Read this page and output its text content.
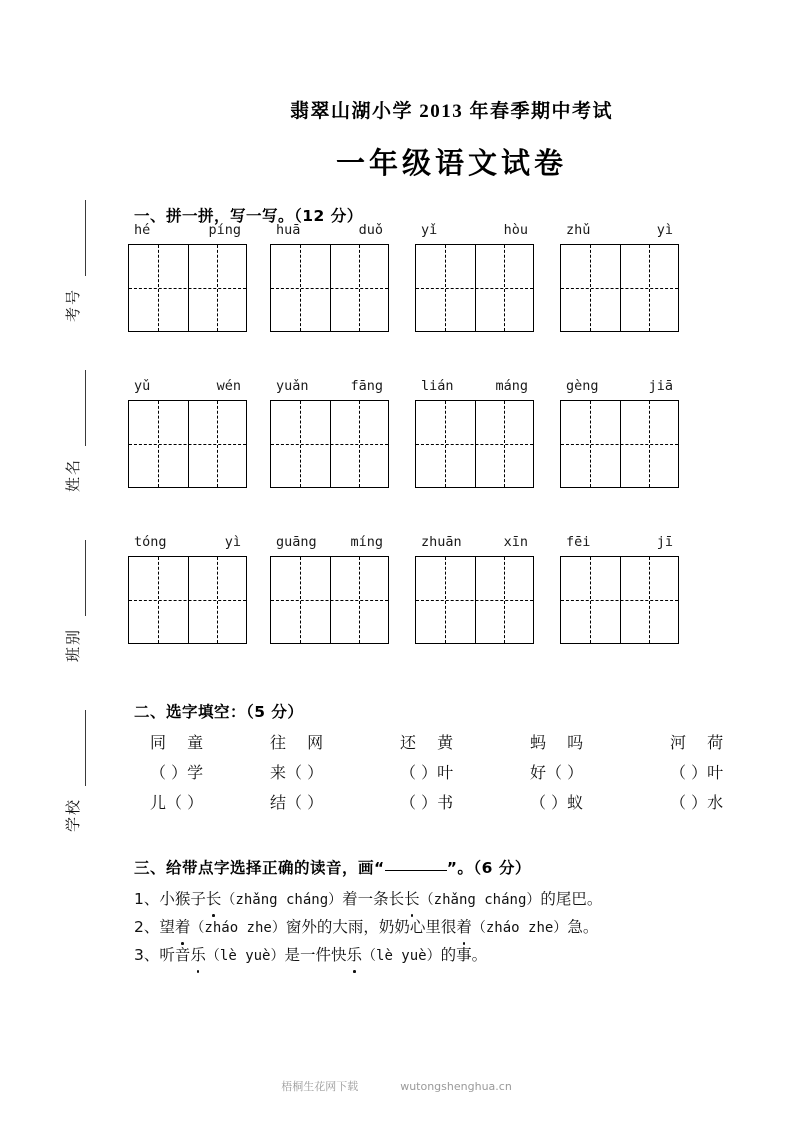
考号
姓名
班别
学校
翡翠山湖小学 2013 年春季期中考试
一年级语文试卷
一、拼一拼，写一写。（12 分）
hé	píng	huā	duǒ	yǐ	hòu	zhǔ	yì
yǔ	wén	yuǎn	fāng	lián	máng	gèng	jiā
tóng	yì	guāng	míng	zhuān	xīn	fēi	jī
二、选字填空：（5 分）
同 童	往 网	还 黄	蚂 吗	河 荷
（ ）学	来（ ）	（ ）叶	好（ ）	（ ）叶
儿（ ）	结（ ）	（ ）书	（ ）蚁	（ ）水
三、给带点字选择正确的读音，画“	”。（6 分）
1、小猴子长（zhǎng cháng）着一条长长（zhǎng cháng）的尾巴。
2、望着（zháo zhe）窗外的大雨，奶奶心里很着（zháo zhe）急。
3、听音乐（lè yuè）是一件快乐（lè yuè）的事。
梧桐生花网下载	wutongshenghua.cn
